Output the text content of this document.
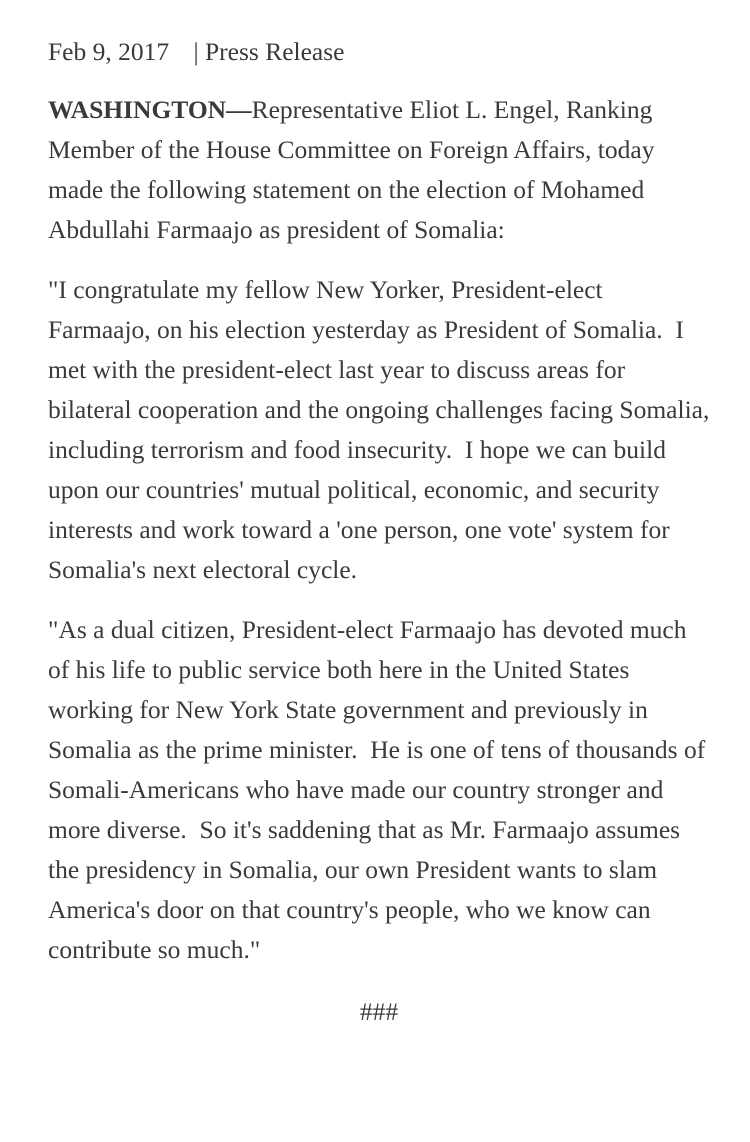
Feb 9, 2017 | Press Release

WASHINGTON—Representative Eliot L. Engel, Ranking Member of the House Committee on Foreign Affairs, today made the following statement on the election of Mohamed Abdullahi Farmaajo as president of Somalia:

"I congratulate my fellow New Yorker, President-elect Farmaajo, on his election yesterday as President of Somalia.  I met with the president-elect last year to discuss areas for bilateral cooperation and the ongoing challenges facing Somalia, including terrorism and food insecurity.  I hope we can build upon our countries' mutual political, economic, and security interests and work toward a 'one person, one vote' system for Somalia's next electoral cycle.

"As a dual citizen, President-elect Farmaajo has devoted much of his life to public service both here in the United States working for New York State government and previously in Somalia as the prime minister.  He is one of tens of thousands of Somali-Americans who have made our country stronger and more diverse.  So it's saddening that as Mr. Farmaajo assumes the presidency in Somalia, our own President wants to slam America's door on that country's people, who we know can contribute so much."

###
